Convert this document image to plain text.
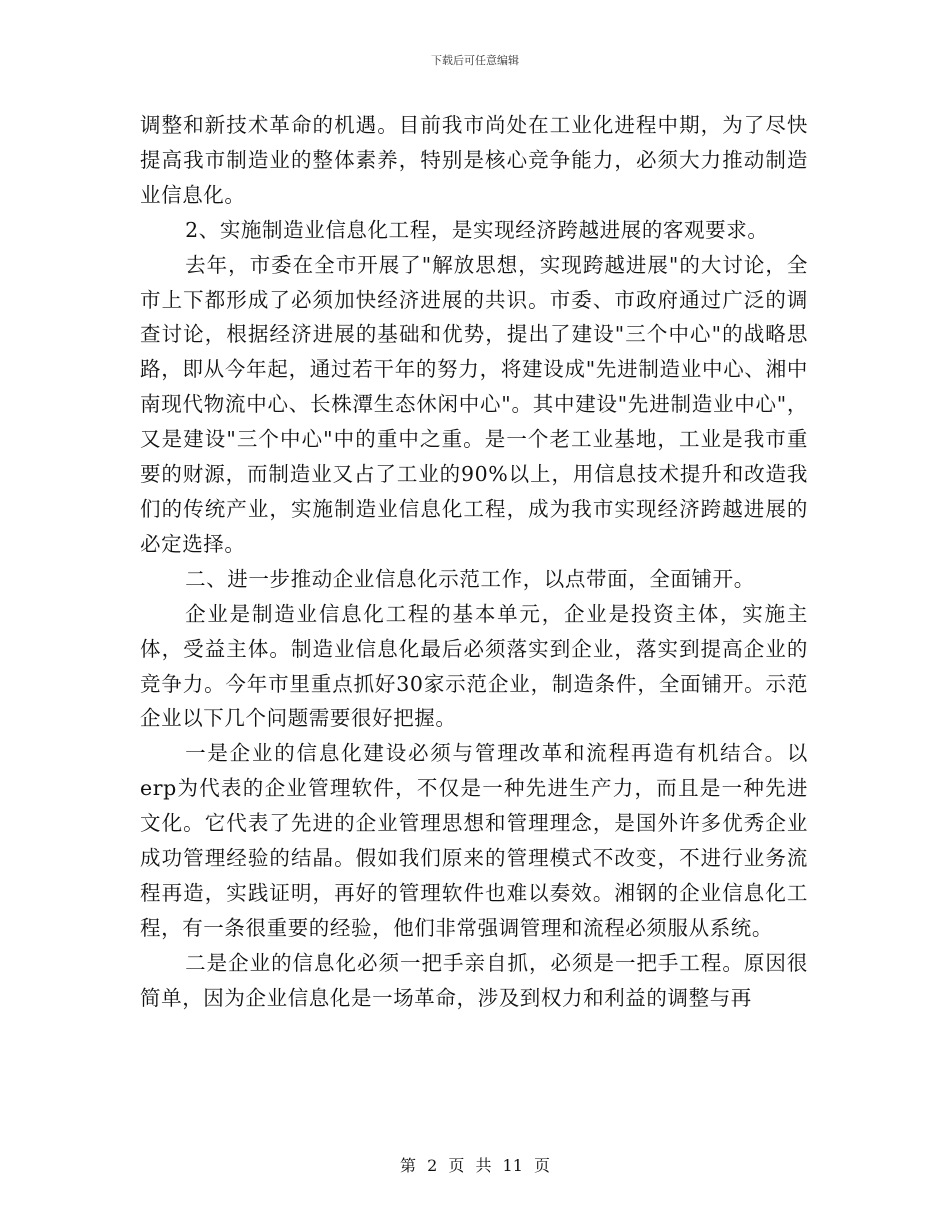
下载后可任意编辑

调整和新技术革命的机遇。目前我市尚处在工业化进程中期，为了尽快提高我市制造业的整体素养，特别是核心竞争能力，必须大力推动制造业信息化。

2、实施制造业信息化工程，是实现经济跨越进展的客观要求。

去年，市委在全市开展了"解放思想，实现跨越进展"的大讨论，全市上下都形成了必须加快经济进展的共识。市委、市政府通过广泛的调查讨论，根据经济进展的基础和优势，提出了建设"三个中心"的战略思路，即从今年起，通过若干年的努力，将建设成"先进制造业中心、湘中南现代物流中心、长株潭生态休闲中心"。其中建设"先进制造业中心"，又是建设"三个中心"中的重中之重。是一个老工业基地，工业是我市重要的财源，而制造业又占了工业的90%以上，用信息技术提升和改造我们的传统产业，实施制造业信息化工程，成为我市实现经济跨越进展的必定选择。

二、进一步推动企业信息化示范工作，以点带面，全面铺开。

企业是制造业信息化工程的基本单元，企业是投资主体，实施主体，受益主体。制造业信息化最后必须落实到企业，落实到提高企业的竞争力。今年市里重点抓好30家示范企业，制造条件，全面铺开。示范企业以下几个问题需要很好把握。

一是企业的信息化建设必须与管理改革和流程再造有机结合。以erp为代表的企业管理软件，不仅是一种先进生产力，而且是一种先进文化。它代表了先进的企业管理思想和管理理念，是国外许多优秀企业成功管理经验的结晶。假如我们原来的管理模式不改变，不进行业务流程再造，实践证明，再好的管理软件也难以奏效。湘钢的企业信息化工程，有一条很重要的经验，他们非常强调管理和流程必须服从系统。

二是企业的信息化必须一把手亲自抓，必须是一把手工程。原因很简单，因为企业信息化是一场革命，涉及到权力和利益的调整与再

第 2 页 共 11 页
